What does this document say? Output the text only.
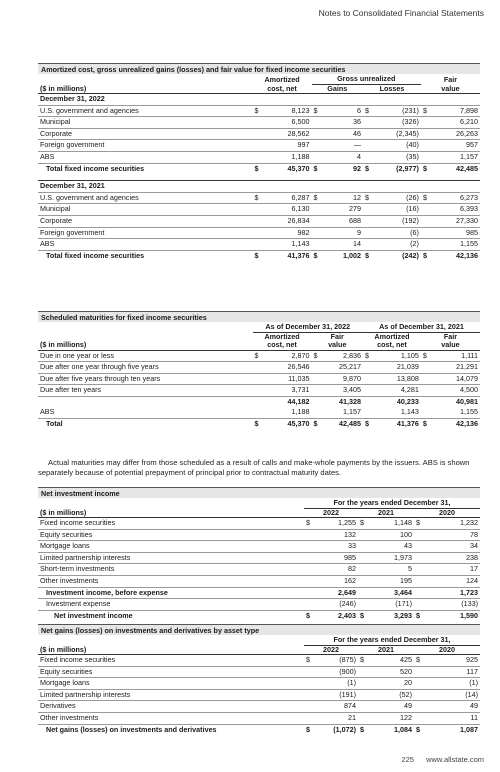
Notes to Consolidated Financial Statements
Amortized cost, gross unrealized gains (losses) and fair value for fixed income securities
	Amortized		Gross unrealized				Fair	
($ in millions)	cost, net		Gains		Losses		value	
December 31, 2022								
U.S. government and agencies	$	8,123	$	6	$	(231)	$	7,898
Municipal		6,500		36		(326)		6,210
Corporate		28,562		46		(2,345)		26,263
Foreign government		997		—		(40)		957
ABS		1,188		4		(35)		1,157
Total fixed income securities	$	45,370	$	92	$	(2,977)	$	42,485

December 31, 2021								
U.S. government and agencies	$	6,287	$	12	$	(26)	$	6,273
Municipal		6,130		279		(16)		6,393
Corporate		26,834		688		(192)		27,330
Foreign government		982		9		(6)		985
ABS		1,143		14		(2)		1,155
Total fixed income securities	$	41,376	$	1,002	$	(242)	$	42,136
Scheduled maturities for fixed income securities
	As of December 31, 2022				As of December 31, 2021			
	Amortized		Fair		Amortized		Fair	
($ in millions)	cost, net		value		cost, net		value	
Due in one year or less	$	2,870	$	2,836	$	1,105	$	1,111
Due after one year through five years		26,546		25,217		21,039		21,291
Due after five years through ten years		11,035		9,870		13,808		14,079
Due after ten years		3,731		3,405		4,281		4,500
		44,182		41,328		40,233		40,981
ABS		1,188		1,157		1,143		1,155
Total	$	45,370	$	42,485	$	41,376	$	42,136
Actual maturities may differ from those scheduled as a result of calls and make-whole payments by the issuers. ABS is shown separately because of potential prepayment of principal prior to contractual maturity dates.
Net investment income
	For the years ended December 31,					
($ in millions)	2022		2021		2020	
Fixed income securities	$	1,255	$	1,148	$	1,232
Equity securities		132		100		78
Mortgage loans		33		43		34
Limited partnership interests		985		1,973		238
Short-term investments		82		5		17
Other investments		162		195		124
Investment income, before expense		2,649		3,464		1,723
Investment expense		(246)		(171)		(133)
Net investment income	$	2,403	$	3,293	$	1,590
Net gains (losses) on investments and derivatives by asset type
	For the years ended December 31,					
($ in millions)	2022		2021		2020	
Fixed income securities	$	(875)	$	425	$	925
Equity securities		(900)		520		117
Mortgage loans		(1)		20		(1)
Limited partnership interests		(191)		(52)		(14)
Derivatives		874		49		49
Other investments		21		122		11
Net gains (losses) on investments and derivatives	$	(1,072)	$	1,084	$	1,087
225 www.allstate.com
